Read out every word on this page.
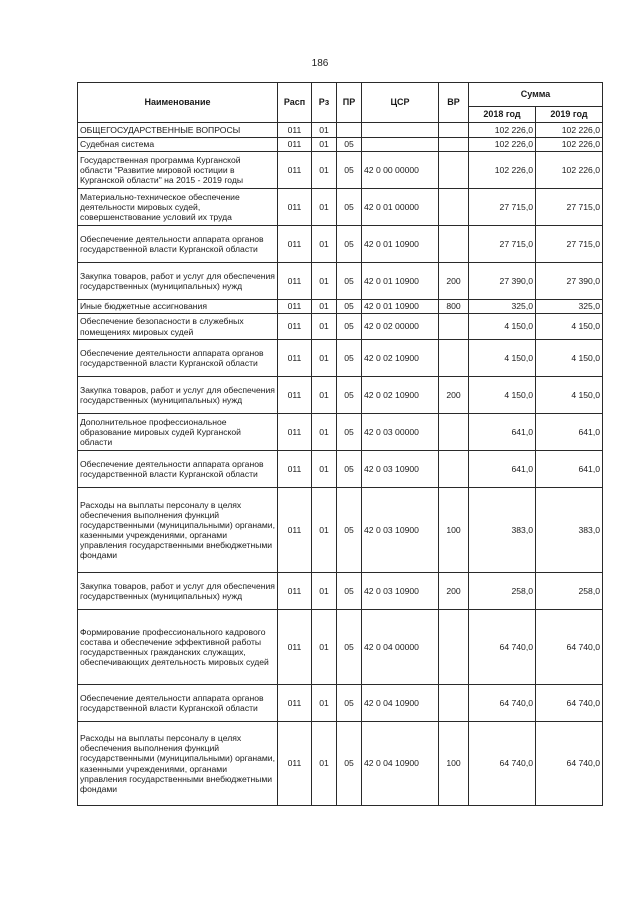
186
Наименование	Расп	Рз	ПР	ЦСР	ВР	Сумма	
						2018 год	2019 год
ОБЩЕГОСУДАРСТВЕННЫЕ ВОПРОСЫ	011	01				102 226,0	102 226,0
Судебная система	011	01	05			102 226,0	102 226,0
Государственная программа Курганской области "Развитие мировой юстиции в Курганской области" на 2015 - 2019 годы	011	01	05	42 0 00 00000		102 226,0	102 226,0
Материально-техническое обеспечение деятельности мировых судей, совершенствование условий их труда	011	01	05	42 0 01 00000		27 715,0	27 715,0
Обеспечение деятельности аппарата органов государственной власти Курганской области	011	01	05	42 0 01 10900		27 715,0	27 715,0
Закупка товаров, работ и услуг для обеспечения государственных (муниципальных) нужд	011	01	05	42 0 01 10900	200	27 390,0	27 390,0
Иные бюджетные ассигнования	011	01	05	42 0 01 10900	800	325,0	325,0
Обеспечение безопасности в служебных помещениях мировых судей	011	01	05	42 0 02 00000		4 150,0	4 150,0
Обеспечение деятельности аппарата органов государственной власти Курганской области	011	01	05	42 0 02 10900		4 150,0	4 150,0
Закупка товаров, работ и услуг для обеспечения государственных (муниципальных) нужд	011	01	05	42 0 02 10900	200	4 150,0	4 150,0
Дополнительное профессиональное образование мировых судей Курганской области	011	01	05	42 0 03 00000		641,0	641,0
Обеспечение деятельности аппарата органов государственной власти Курганской области	011	01	05	42 0 03 10900		641,0	641,0
Расходы на выплаты персоналу в целях обеспечения выполнения функций государственными (муниципальными) органами, казенными учреждениями, органами управления государственными внебюджетными фондами	011	01	05	42 0 03 10900	100	383,0	383,0
Закупка товаров, работ и услуг для обеспечения государственных (муниципальных) нужд	011	01	05	42 0 03 10900	200	258,0	258,0
Формирование профессионального кадрового состава и обеспечение эффективной работы государственных гражданских служащих, обеспечивающих деятельность мировых судей	011	01	05	42 0 04 00000		64 740,0	64 740,0
Обеспечение деятельности аппарата органов государственной власти Курганской области	011	01	05	42 0 04 10900		64 740,0	64 740,0
Расходы на выплаты персоналу в целях обеспечения выполнения функций государственными (муниципальными) органами, казенными учреждениями, органами управления государственными внебюджетными фондами	011	01	05	42 0 04 10900	100	64 740,0	64 740,0
